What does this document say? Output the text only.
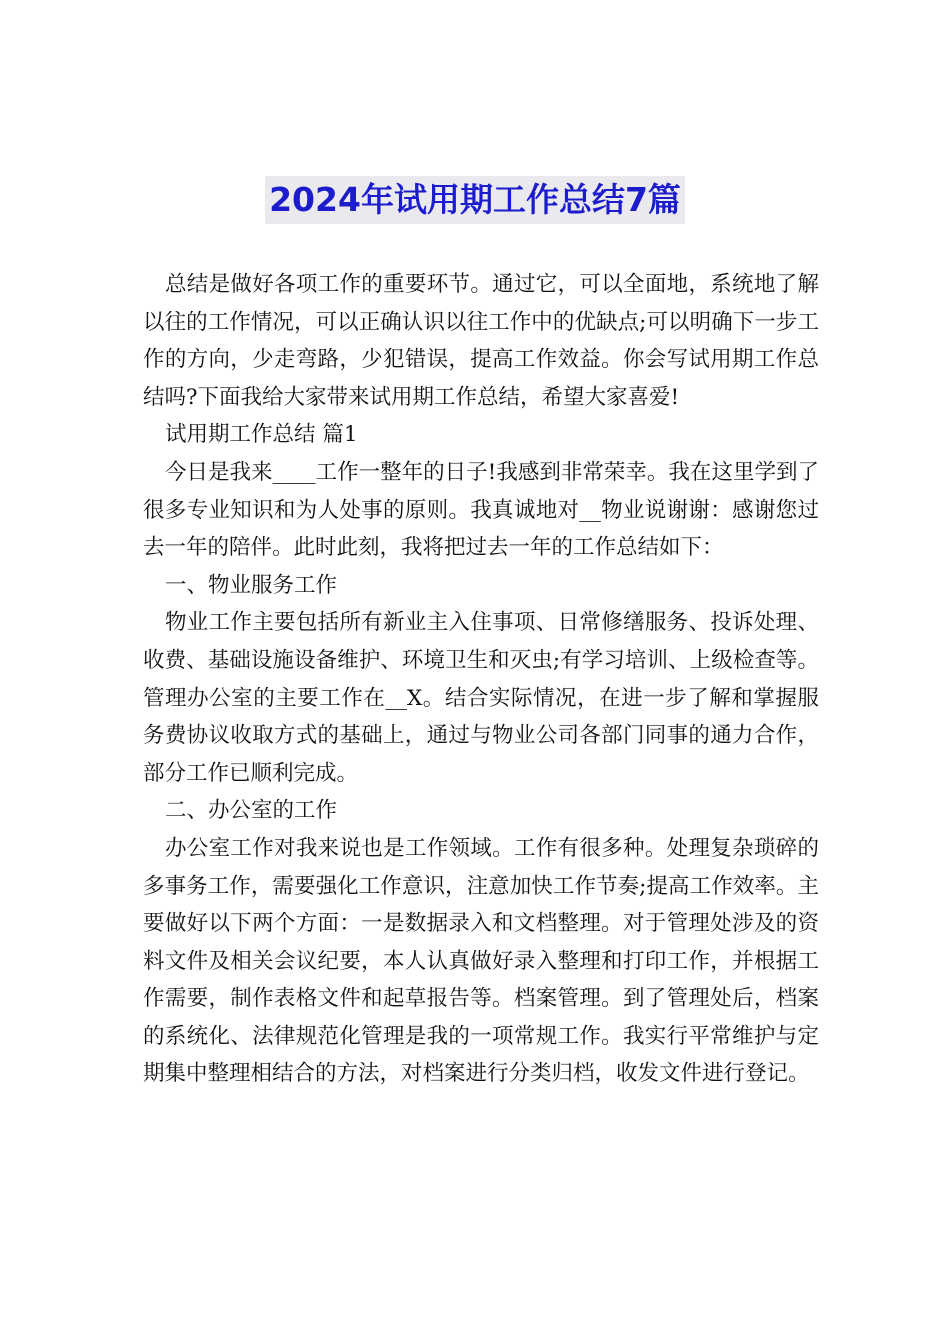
2024年试用期工作总结7篇

总结是做好各项工作的重要环节。通过它，可以全面地，系统地了解以往的工作情况，可以正确认识以往工作中的优缺点;可以明确下一步工作的方向，少走弯路，少犯错误，提高工作效益。你会写试用期工作总结吗?下面我给大家带来试用期工作总结，希望大家喜爱!

试用期工作总结 篇1

今日是我来____工作一整年的日子!我感到非常荣幸。我在这里学到了很多专业知识和为人处事的原则。我真诚地对__物业说谢谢：感谢您过去一年的陪伴。此时此刻，我将把过去一年的工作总结如下：

一、物业服务工作

物业工作主要包括所有新业主入住事项、日常修缮服务、投诉处理、收费、基础设施设备维护、环境卫生和灭虫;有学习培训、上级检查等。管理办公室的主要工作在__X。结合实际情况，在进一步了解和掌握服务费协议收取方式的基础上，通过与物业公司各部门同事的通力合作，部分工作已顺利完成。

二、办公室的工作

办公室工作对我来说也是工作领域。工作有很多种。处理复杂琐碎的多事务工作，需要强化工作意识，注意加快工作节奏;提高工作效率。主要做好以下两个方面：一是数据录入和文档整理。对于管理处涉及的资料文件及相关会议纪要，本人认真做好录入整理和打印工作，并根据工作需要，制作表格文件和起草报告等。档案管理。到了管理处后，档案的系统化、法律规范化管理是我的一项常规工作。我实行平常维护与定期集中整理相结合的方法，对档案进行分类归档，收发文件进行登记。
